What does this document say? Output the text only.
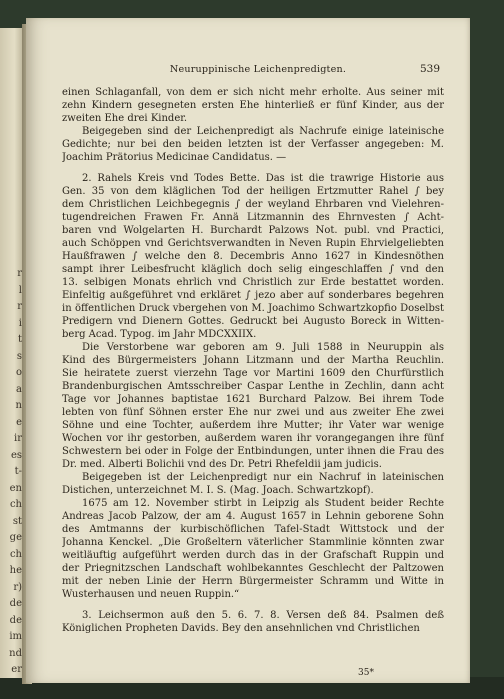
r
l
r
i
t
s
o
a
n
e
ir
es
t-
en
ch
st
ge
ch
he
r)
de
de
im
nd
er
Neuruppinische Leichenpredigten.	539
einen Schlaganfall, von dem er sich nicht mehr erholte. Aus seiner mit
zehn Kindern gesegneten ersten Ehe hinterließ er fünf Kinder, aus der
zweiten Ehe drei Kinder.
Beigegeben sind der Leichenpredigt als Nachrufe einige lateinische
Gedichte; nur bei den beiden letzten ist der Verfasser angegeben: M.
Joachim Prätorius Medicinae Candidatus. —
2. Rahels Kreis vnd Todes Bette. Das ist die trawrige Historie aus
Gen. 35 von dem kläglichen Tod der heiligen Ertzmutter Rahel ∫ bey
dem Christlichen Leichbegegnis ∫ der weyland Ehrbaren vnd Vielehren-
tugendreichen Frawen Fr. Annä Litzmannin des Ehrnvesten ∫ Acht-
baren vnd Wolgelarten H. Burchardt Palzows Not. publ. vnd Practici,
auch Schöppen vnd Gerichtsverwandten in Neven Rupin Ehrvielgeliebten
Haußfrawen ∫ welche den 8. Decembris Anno 1627 in Kindesnöthen
sampt ihrer Leibesfrucht kläglich doch selig eingeschlaffen ∫ vnd den
13. selbigen Monats ehrlich vnd Christlich zur Erde bestattet worden.
Einfeltig außgeführet vnd erkläret ∫ jezo aber auf sonderbares begehren
in öffentlichen Druck vbergehen von M. Joachimo Schwartzkopfio Doselbst
Predigern vnd Dienern Gottes. Gedruckt bei Augusto Boreck in Witten-
berg Acad. Typog. im Jahr MDCXXIIX.
Die Verstorbene war geboren am 9. Juli 1588 in Neuruppin als
Kind des Bürgermeisters Johann Litzmann und der Martha Reuchlin.
Sie heiratete zuerst vierzehn Tage vor Martini 1609 den Churfürstlich
Brandenburgischen Amtsschreiber Caspar Lenthe in Zechlin, dann acht
Tage vor Johannes baptistae 1621 Burchard Palzow. Bei ihrem Tode
lebten von fünf Söhnen erster Ehe nur zwei und aus zweiter Ehe zwei
Söhne und eine Tochter, außerdem ihre Mutter; ihr Vater war wenige
Wochen vor ihr gestorben, außerdem waren ihr vorangegangen ihre fünf
Schwestern bei oder in Folge der Entbindungen, unter ihnen die Frau des
Dr. med. Alberti Bolichii vnd des Dr. Petri Rhefeldii jam judicis.
Beigegeben ist der Leichenpredigt nur ein Nachruf in lateinischen
Distichen, unterzeichnet M. I. S. (Mag. Joach. Schwartzkopf).
1675 am 12. November stirbt in Leipzig als Student beider Rechte
Andreas Jacob Palzow, der am 4. August 1657 in Lehnin geborene Sohn
des Amtmanns der kurbischöflichen Tafel-Stadt Wittstock und der
Johanna Kenckel. „Die Großeltern väterlicher Stammlinie könnten zwar
weitläuftig aufgeführt werden durch das in der Grafschaft Ruppin und
der Priegnitzschen Landschaft wohlbekanntes Geschlecht der Paltzowen
mit der neben Linie der Herrn Bürgermeister Schramm und Witte in
Wusterhausen und neuen Ruppin.“
3. Leichsermon auß den 5. 6. 7. 8. Versen deß 84. Psalmen deß
Königlichen Propheten Davids. Bey den ansehnlichen vnd Christlichen
35*
